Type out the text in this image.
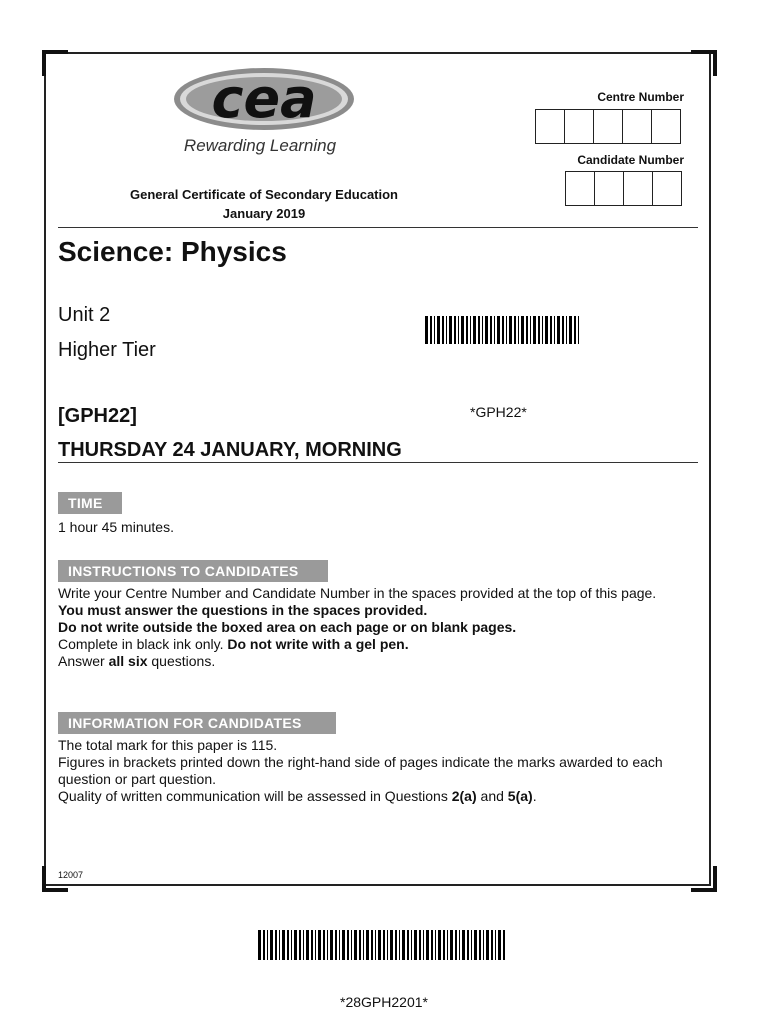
cea
Rewarding Learning
General Certificate of Secondary Education
January 2019
Centre Number
Candidate Number
Science: Physics
Unit 2
Higher Tier
[GPH22]	*GPH22*
THURSDAY 24 JANUARY, MORNING
TIME
1 hour 45 minutes.
INSTRUCTIONS TO CANDIDATES

Write your Centre Number and Candidate Number in the spaces provided at the top of this page.

You must answer the questions in the spaces provided.

Do not write outside the boxed area on each page or on blank pages.

Complete in black ink only. Do not write with a gel pen.

Answer all six questions.

INFORMATION FOR CANDIDATES

The total mark for this paper is 115.

Figures in brackets printed down the right-hand side of pages indicate the marks awarded to each question or part question.

Quality of written communication will be assessed in Questions 2(a) and 5(a).

12007
*28GPH2201*
